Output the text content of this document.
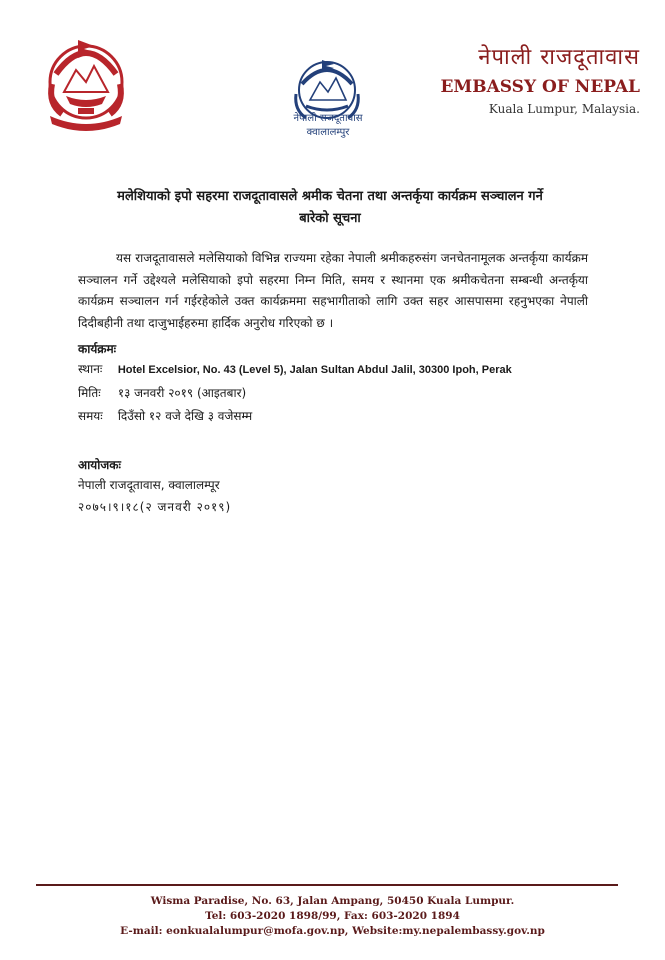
नेपाली राजदूतावास
क्वालालम्पुर
नेपाली राजदूतावास
EMBASSY OF NEPAL
Kuala Lumpur, Malaysia.
मलेशियाको इपो सहरमा राजदूतावासले श्रमीक चेतना तथा अन्तर्कृया कार्यक्रम सञ्चालन गर्ने
बारेको सूचना
यस राजदूतावासले मलेसियाको विभिन्न राज्यमा रहेका नेपाली श्रमीकहरुसंग जनचेतनामूलक अन्तर्कृया कार्यक्रम सञ्चालन गर्ने उद्देश्यले मलेसियाको इपो सहरमा निम्न मिति, समय र स्थानमा एक श्रमीकचेतना सम्बन्धी अन्तर्कृया कार्यक्रम सञ्चालन गर्न गईरहेकोले उक्त कार्यक्रममा सहभागीताको लागि उक्त सहर आसपासमा रहनुभएका नेपाली दिदीबहीनी तथा दाजुभाईहरुमा हार्दिक अनुरोध गरिएको छ ।
कार्यक्रमः
स्थानः Hotel Excelsior, No. 43 (Level 5), Jalan Sultan Abdul Jalil, 30300 Ipoh, Perak
मितिः १३ जनवरी २०१९ (आइतबार)
समयः दिउँसो १२ वजे देखि ३ वजेसम्म
आयोजकः
नेपाली राजदूतावास, क्वालालम्पूर
२०७५।९।१८(२ जनवरी २०१९)
Wisma Paradise, No. 63, Jalan Ampang, 50450 Kuala Lumpur.
Tel: 603-2020 1898/99, Fax: 603-2020 1894
E-mail: eonkualalumpur@mofa.gov.np, Website:my.nepalembassy.gov.np
